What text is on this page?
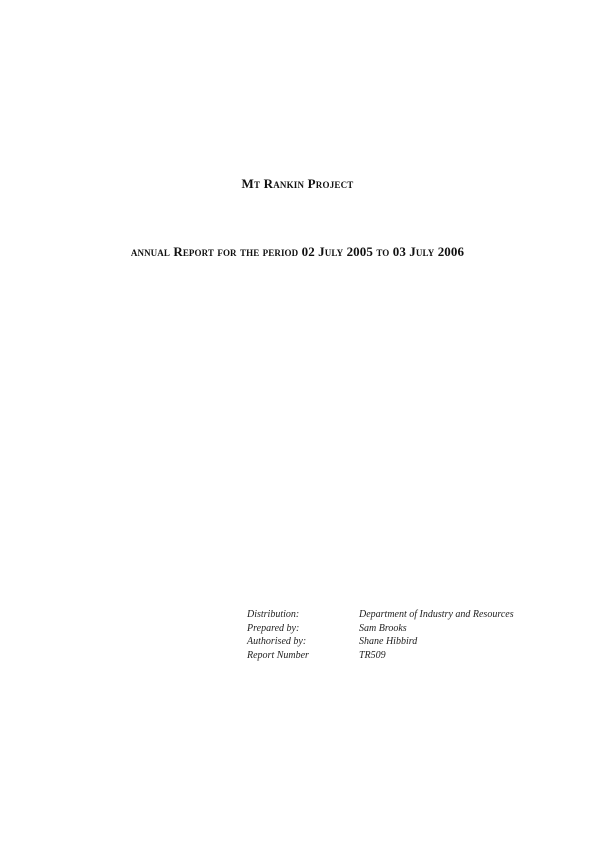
Mt Rankin Project
annual Report for the period 02 July 2005 to 03 July 2006
Distribution:	Department of Industry and Resources
Prepared by:	Sam Brooks
Authorised by:	Shane Hibbird
Report Number	TR509
